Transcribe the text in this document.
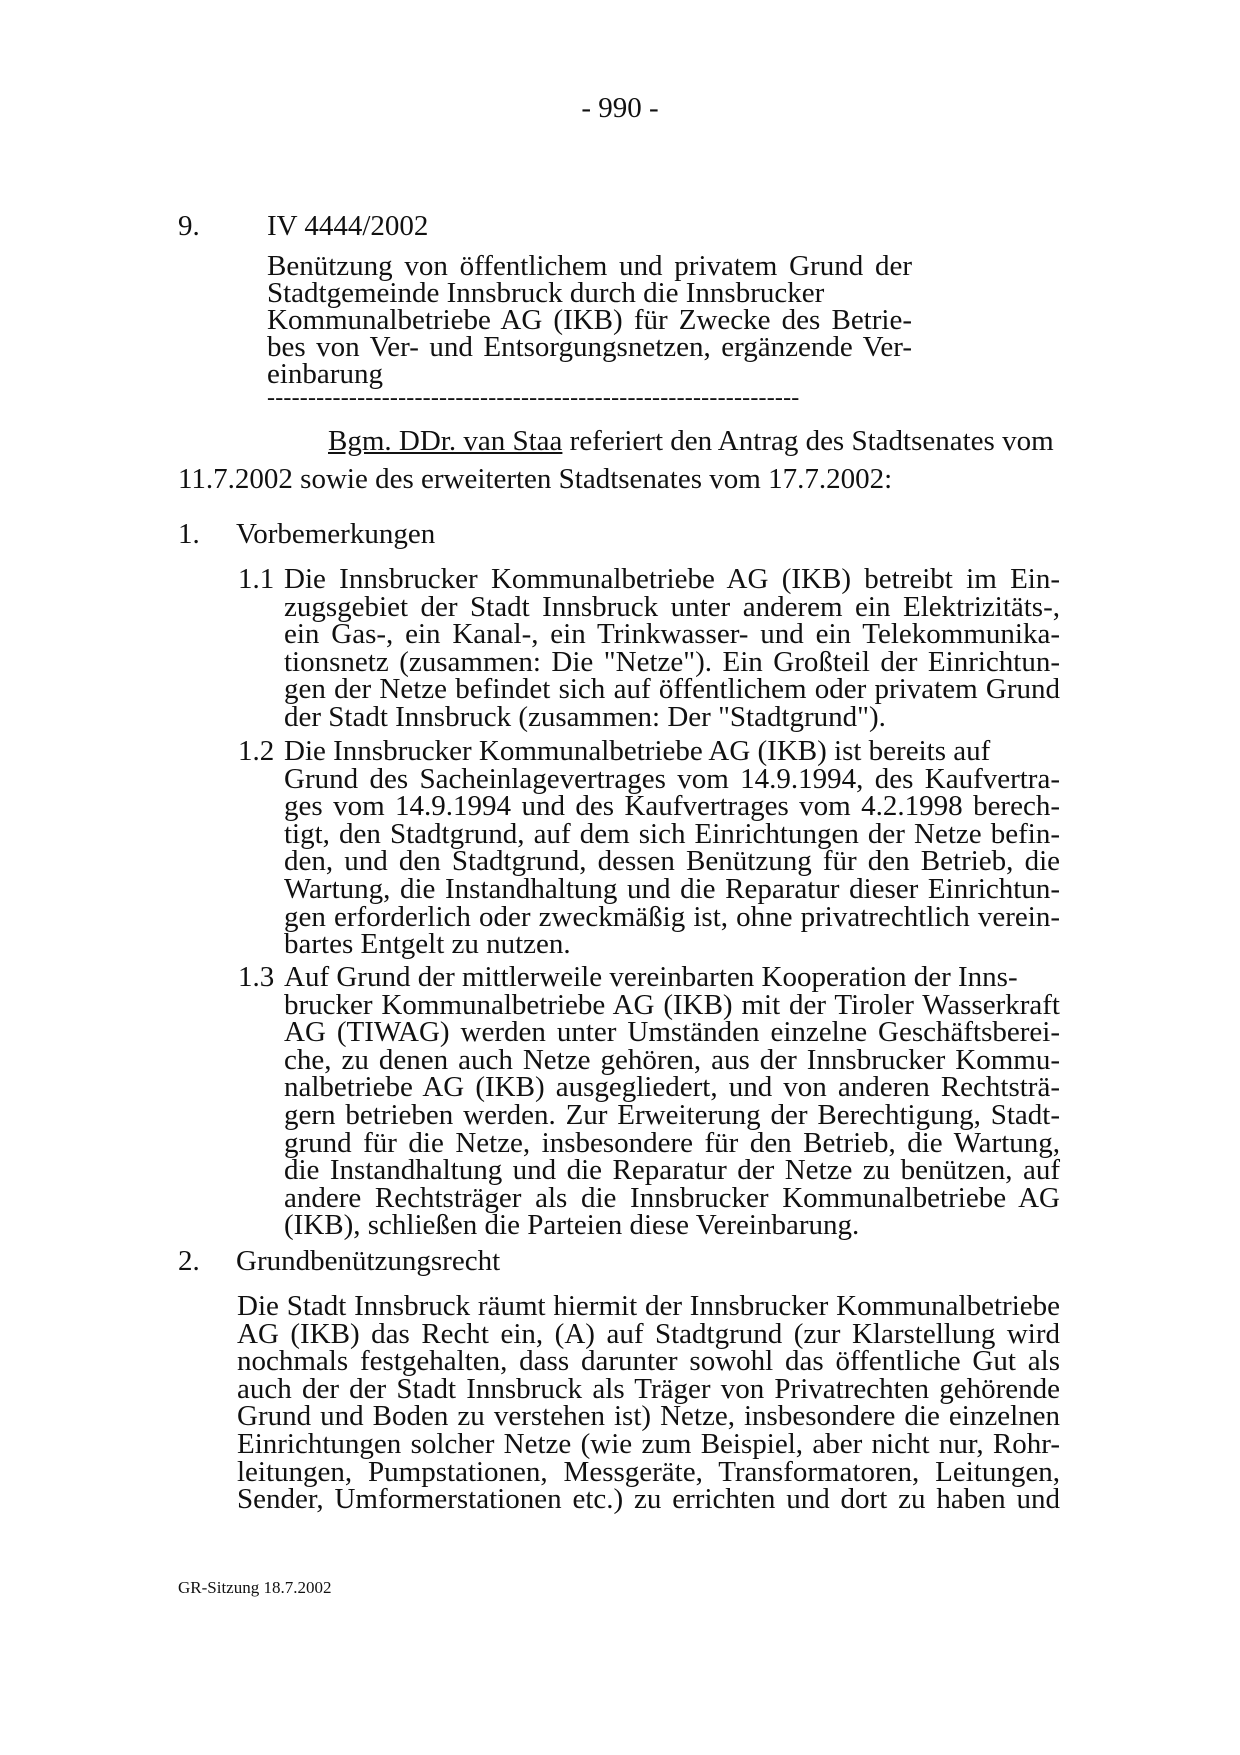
- 990 -
9. IV 4444/2002
Benützung von öffentlichem und privatem Grund der
Stadtgemeinde Innsbruck durch die Innsbrucker
Kommunalbetriebe AG (IKB) für Zwecke des Betrie-
bes von Ver- und Entsorgungsnetzen, ergänzende Ver-
einbarung
-----------------------------------------------------------------
Bgm. DDr. van Staa referiert den Antrag des Stadtsenates vom
11.7.2002 sowie des erweiterten Stadtsenates vom 17.7.2002:
1. Vorbemerkungen
1.1 Die Innsbrucker Kommunalbetriebe AG (IKB) betreibt im Ein-
zugsgebiet der Stadt Innsbruck unter anderem ein Elektrizitäts-,
ein Gas-, ein Kanal-, ein Trinkwasser- und ein Telekommunika-
tionsnetz (zusammen: Die "Netze"). Ein Großteil der Einrichtun-
gen der Netze befindet sich auf öffentlichem oder privatem Grund
der Stadt Innsbruck (zusammen: Der "Stadtgrund").
1.2 Die Innsbrucker Kommunalbetriebe AG (IKB) ist bereits auf
Grund des Sacheinlagevertrages vom 14.9.1994, des Kaufvertra-
ges vom 14.9.1994 und des Kaufvertrages vom 4.2.1998 berech-
tigt, den Stadtgrund, auf dem sich Einrichtungen der Netze befin-
den, und den Stadtgrund, dessen Benützung für den Betrieb, die
Wartung, die Instandhaltung und die Reparatur dieser Einrichtun-
gen erforderlich oder zweckmäßig ist, ohne privatrechtlich verein-
bartes Entgelt zu nutzen.
1.3 Auf Grund der mittlerweile vereinbarten Kooperation der Inns-
brucker Kommunalbetriebe AG (IKB) mit der Tiroler Wasserkraft
AG (TIWAG) werden unter Umständen einzelne Geschäftsberei-
che, zu denen auch Netze gehören, aus der Innsbrucker Kommu-
nalbetriebe AG (IKB) ausgegliedert, und von anderen Rechtsträ-
gern betrieben werden. Zur Erweiterung der Berechtigung, Stadt-
grund für die Netze, insbesondere für den Betrieb, die Wartung,
die Instandhaltung und die Reparatur der Netze zu benützen, auf
andere Rechtsträger als die Innsbrucker Kommunalbetriebe AG
(IKB), schließen die Parteien diese Vereinbarung.
2. Grundbenützungsrecht
Die Stadt Innsbruck räumt hiermit der Innsbrucker Kommunalbetriebe
AG (IKB) das Recht ein, (A) auf Stadtgrund (zur Klarstellung wird
nochmals festgehalten, dass darunter sowohl das öffentliche Gut als
auch der der Stadt Innsbruck als Träger von Privatrechten gehörende
Grund und Boden zu verstehen ist) Netze, insbesondere die einzelnen
Einrichtungen solcher Netze (wie zum Beispiel, aber nicht nur, Rohr-
leitungen, Pumpstationen, Messgeräte, Transformatoren, Leitungen,
Sender, Umformerstationen etc.) zu errichten und dort zu haben und
GR-Sitzung 18.7.2002
